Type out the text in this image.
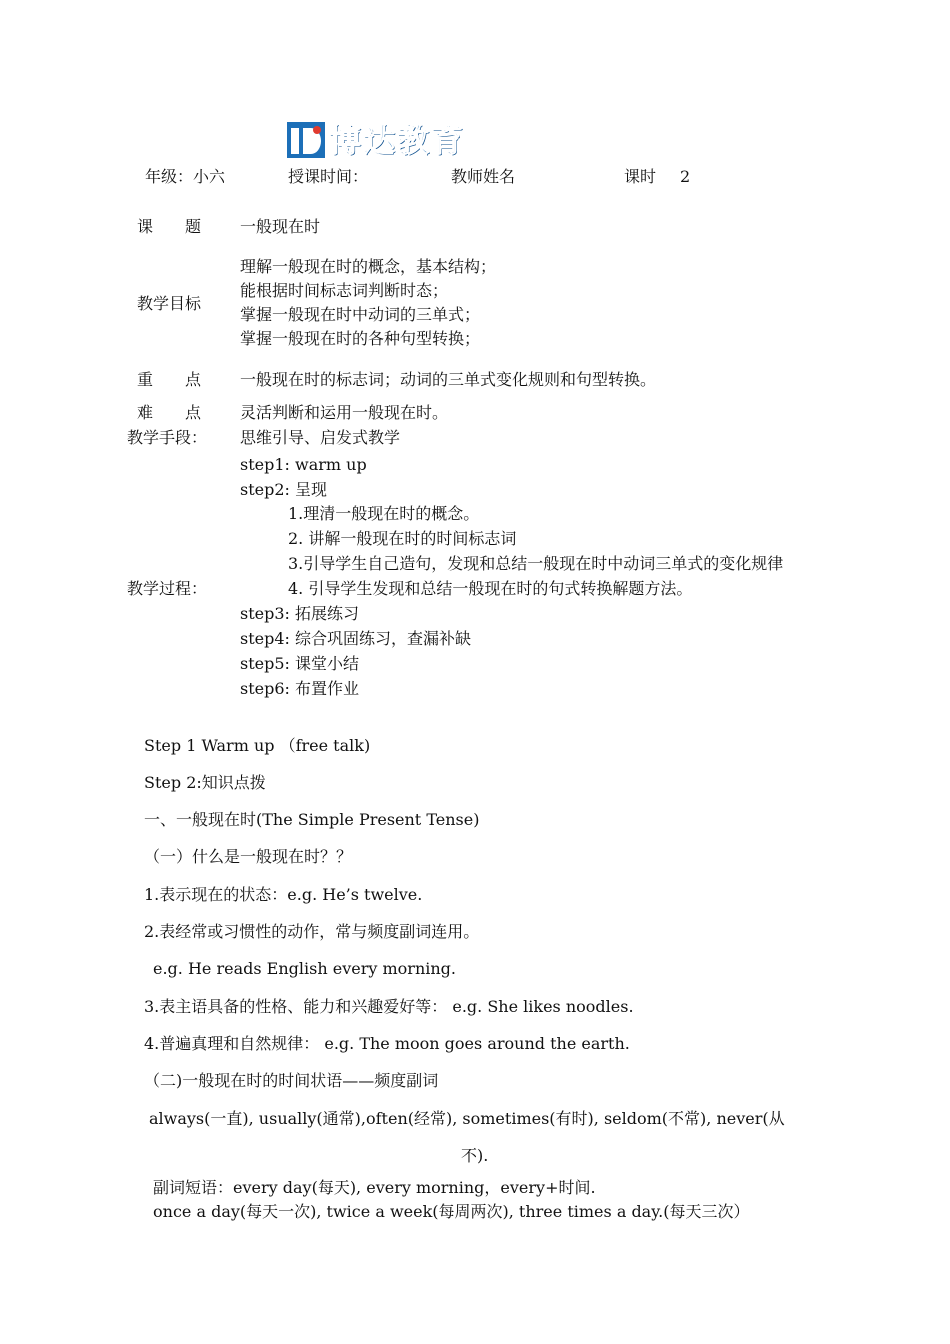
博达教育
年级：小六	授课时间：	教师姓名	课时 2
课　　题 一般现在时
教学目标
理解一般现在时的概念，基本结构；
能根据时间标志词判断时态；
掌握一般现在时中动词的三单式；
掌握一般现在时的各种句型转换；
重　　点 一般现在时的标志词；动词的三单式变化规则和句型转换。
难　　点 灵活判断和运用一般现在时。
教学手段： 思维引导、启发式教学
教学过程：
step1: warm up
step2: 呈现
1.理清一般现在时的概念。
2. 讲解一般现在时的时间标志词
3.引导学生自己造句，发现和总结一般现在时中动词三单式的变化规律
4. 引导学生发现和总结一般现在时的句式转换解题方法。
step3: 拓展练习
step4: 综合巩固练习，查漏补缺
step5: 课堂小结
step6: 布置作业
Step 1 Warm up （free talk)
Step 2:知识点拨
一、一般现在时(The Simple Present Tense)
（一）什么是一般现在时？？
1.表示现在的状态：e.g. He’s twelve.
2.表经常或习惯性的动作，常与频度副词连用。
e.g. He reads English every morning.
3.表主语具备的性格、能力和兴趣爱好等： e.g. She likes noodles.
4.普遍真理和自然规律： e.g. The moon goes around the earth.
（二)一般现在时的时间状语——频度副词
always(一直), usually(通常),often(经常), sometimes(有时), seldom(不常), never(从
不).
副词短语：every day(每天), every morning，every+时间.
once a day(每天一次), twice a week(每周两次), three times a day.(每天三次）
